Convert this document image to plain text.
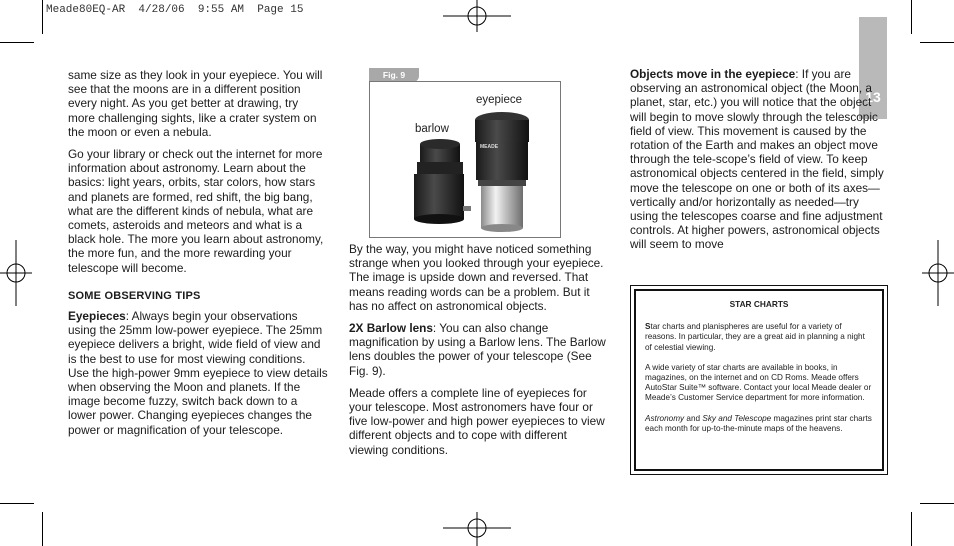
Meade80EQ-AR  4/28/06  9:55 AM  Page 15
13

same size as they look in your eyepiece. You will see that the moons are in a different position every night. As you get better at drawing, try more challenging sights, like a crater system on the moon or even a nebula.

Go your library or check out the internet for more information about astronomy. Learn about the basics: light years, orbits, star colors, how stars and planets are formed, red shift, the big bang, what are the different kinds of nebula, what are comets, asteroids and meteors and what is a black hole. The more you learn about astronomy, the more fun, and the more rewarding your telescope will become.

SOME OBSERVING TIPS

Eyepieces: Always begin your observations using the 25mm low-power eyepiece. The 25mm eyepiece delivers a bright, wide field of view and is the best to use for most viewing conditions. Use the high-power 9mm eyepiece to view details when observing the Moon and planets. If the image become fuzzy, switch back down to a lower power. Changing eyepieces changes the power or magnification of your telescope.

Fig. 9
eyepiece
barlow
MEADE

By the way, you might have noticed something strange when you looked through your eyepiece. The image is upside down and reversed. That means reading words can be a problem. But it has no affect on astronomical objects.

2X Barlow lens: You can also change magnification by using a Barlow lens. The Barlow lens doubles the power of your telescope (See Fig. 9).

Meade offers a complete line of eyepieces for your telescope. Most astronomers have four or five low-power and high power eyepieces to view different objects and to cope with different viewing conditions.

Objects move in the eyepiece: If you are observing an astronomical object (the Moon, a planet, star, etc.) you will notice that the object will begin to move slowly through the telescopic field of view. This movement is caused by the rotation of the Earth and makes an object move through the tele-scope’s field of view. To keep astronomical objects centered in the field, simply move the telescope on one or both of its axes—vertically and/or horizontally as needed—try using the telescopes coarse and fine adjustment controls. At higher powers, astronomical objects will seem to move

STAR CHARTS

Star charts and planispheres are useful for a variety of reasons. In particular, they are a great aid in planning a night of celestial viewing.

A wide variety of star charts are available in books, in magazines, on the internet and on CD Roms. Meade offers AutoStar Suite™ software. Contact your local Meade dealer or Meade’s Customer Service department for more information.

Astronomy and Sky and Telescope magazines print star charts each month for up-to-the-minute maps of the heavens.
